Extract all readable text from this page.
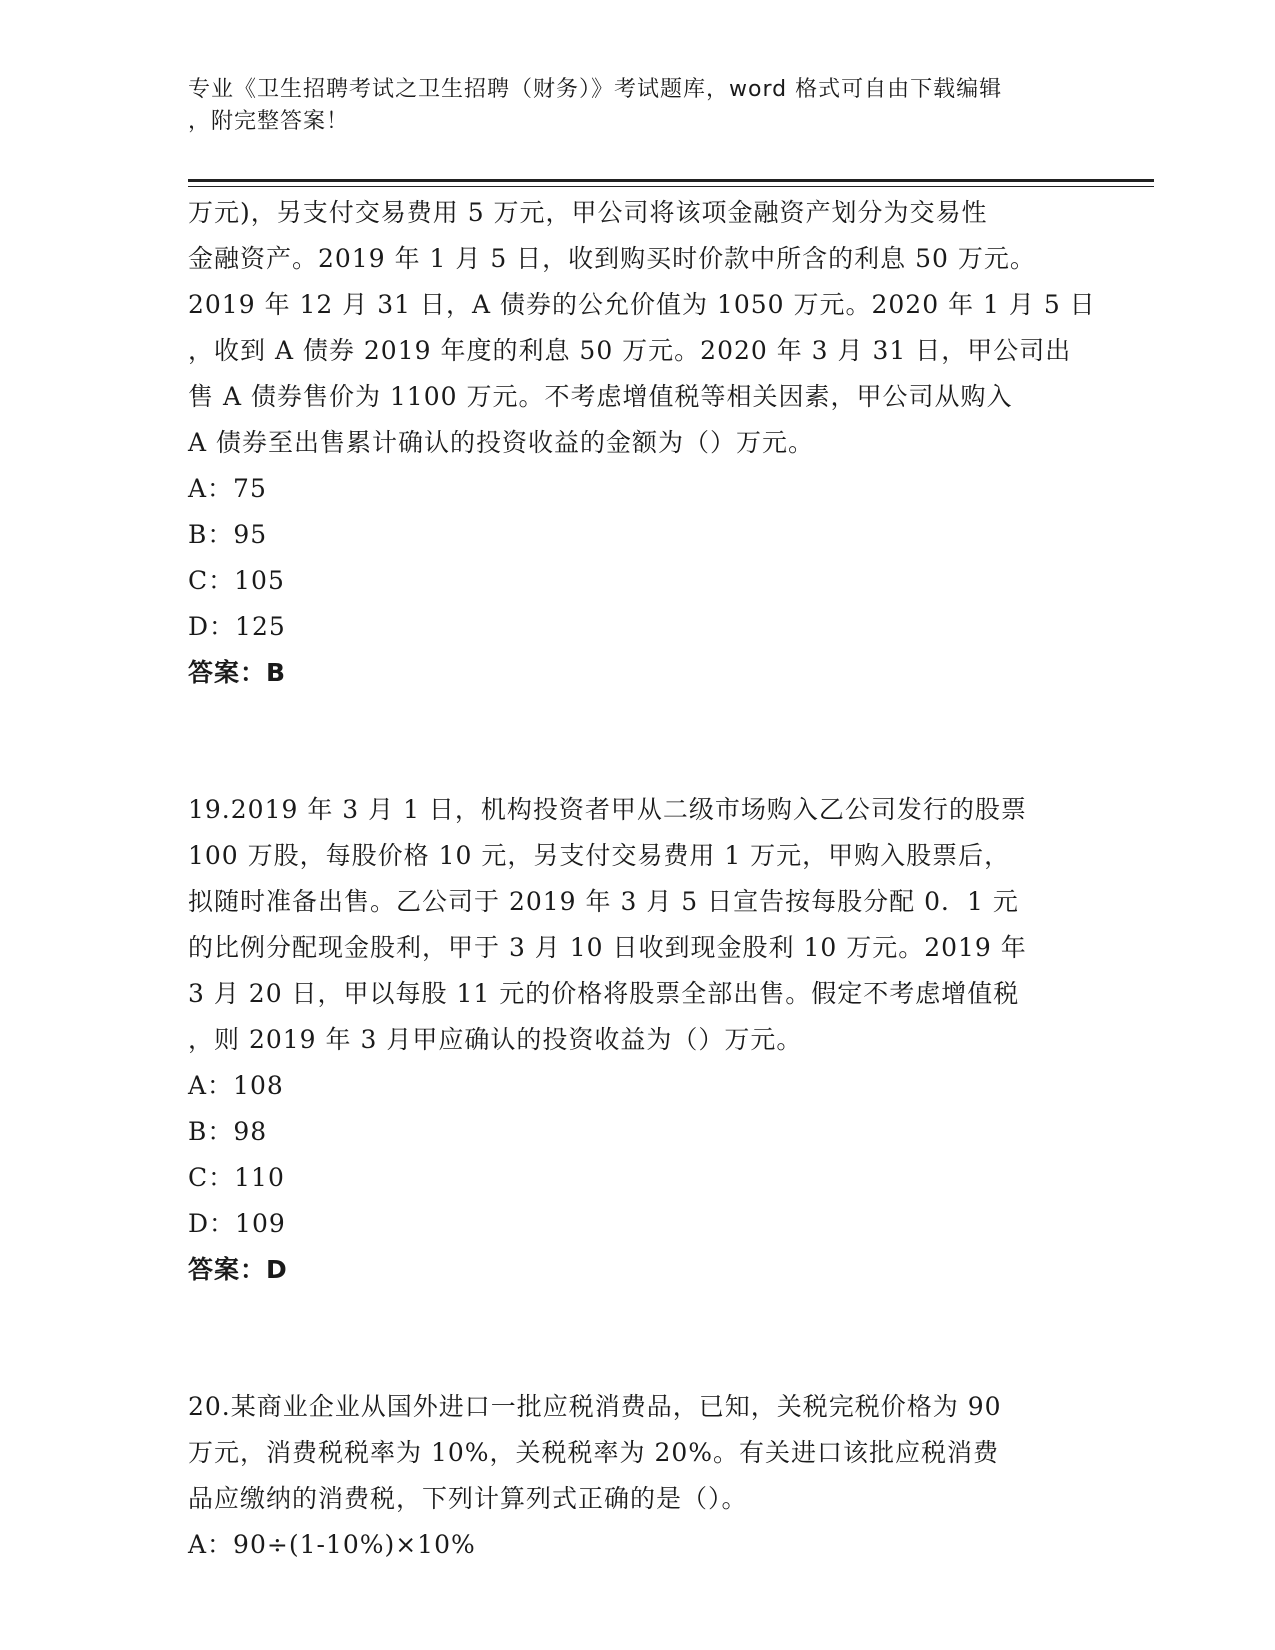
专业《卫生招聘考试之卫生招聘（财务）》考试题库，word 格式可自由下载编辑
，附完整答案！
万元)，另支付交易费用 5 万元，甲公司将该项金融资产划分为交易性
金融资产。2019 年 1 月 5 日，收到购买时价款中所含的利息 50 万元。
2019 年 12 月 31 日，A 债券的公允价值为 1050 万元。2020 年 1 月 5 日
，收到 A 债券 2019 年度的利息 50 万元。2020 年 3 月 31 日，甲公司出
售 A 债券售价为 1100 万元。不考虑增值税等相关因素，甲公司从购入
A 债券至出售累计确认的投资收益的金额为（）万元。
A：75
B：95
C：105
D：125
答案：B
19.2019 年 3 月 1 日，机构投资者甲从二级市场购入乙公司发行的股票
100 万股，每股价格 10 元，另支付交易费用 1 万元，甲购入股票后，
拟随时准备出售。乙公司于 2019 年 3 月 5 日宣告按每股分配 0．1 元
的比例分配现金股利，甲于 3 月 10 日收到现金股利 10 万元。2019 年
3 月 20 日，甲以每股 11 元的价格将股票全部出售。假定不考虑增值税
，则 2019 年 3 月甲应确认的投资收益为（）万元。
A：108
B：98
C：110
D：109
答案：D
20.某商业企业从国外进口一批应税消费品，已知，关税完税价格为 90
万元，消费税税率为 10%，关税税率为 20%。有关进口该批应税消费
品应缴纳的消费税，下列计算列式正确的是（）。
A：90÷(1-10%)×10%
